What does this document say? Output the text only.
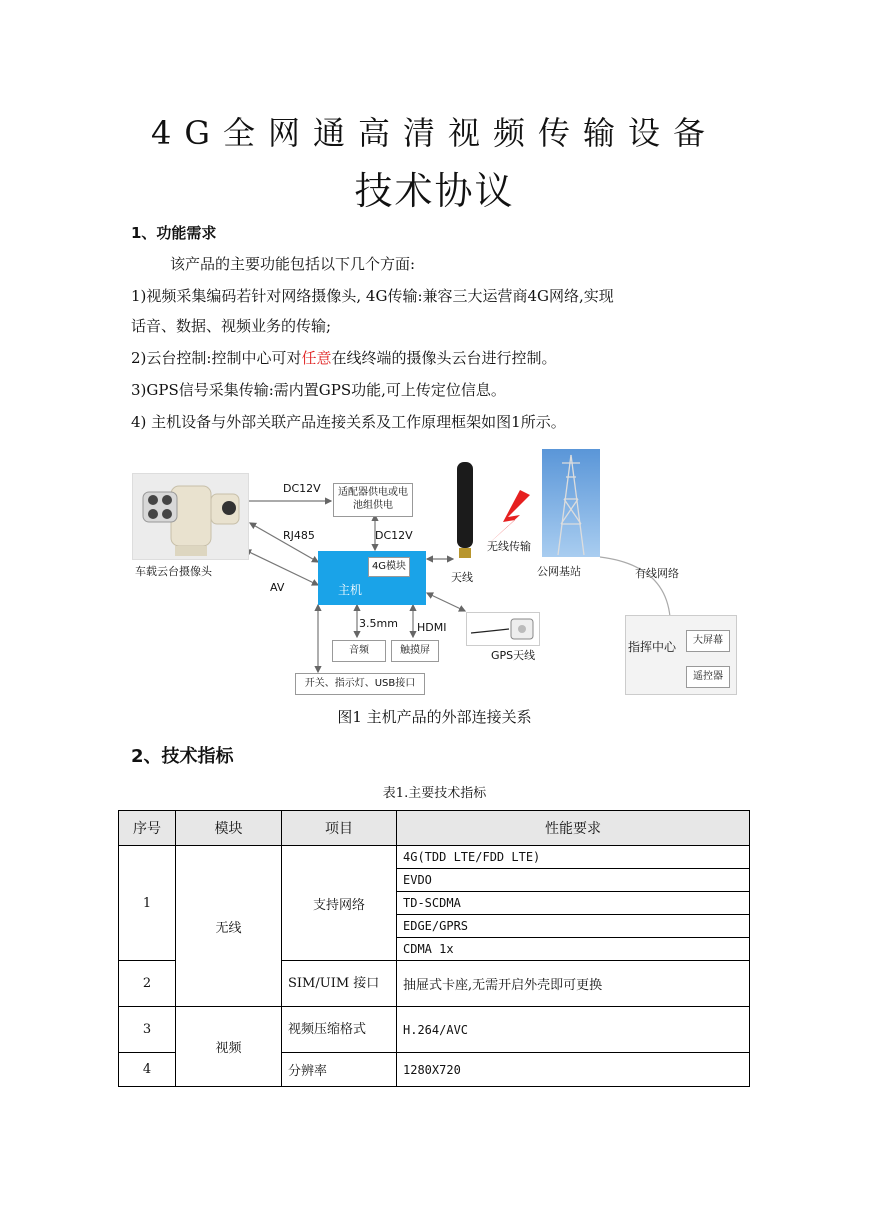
4G全网通高清视频传输设备
技术协议
1、功能需求
该产品的主要功能包括以下几个方面:
1)视频采集编码若针对网络摄像头, 4G传输:兼容三大运营商4G网络,实现
话音、数据、视频业务的传输;
2)云台控制:控制中心可对任意在线终端的摄像头云台进行控制。
3)GPS信号采集传输:需内置GPS功能,可上传定位信息。
4) 主机设备与外部关联产品连接关系及工作原理框架如图1所示。
车载云台摄像头
DC12V	适配器供电或电池组供电
DC12V
RJ485
AV
4G模块
主机
天线
无线传输
公网基站	有线网络
3.5mm HDMI
音频	触摸屏	GPS天线
开关、指示灯、USB接口
指挥中心	大屏幕
遥控器
图1 主机产品的外部连接关系
2、技术指标
表1.主要技术指标
序号	模块	项目	性能要求
1	无线	支持网络	4G(TDD LTE/FDD LTE)
			EVDO
			TD-SCDMA
			EDGE/GPRS
			CDMA 1x
2		SIM/UIM 接口	抽屉式卡座,无需开启外壳即可更换
3	视频	视频压缩格式	H.264/AVC
4		分辨率	1280X720
